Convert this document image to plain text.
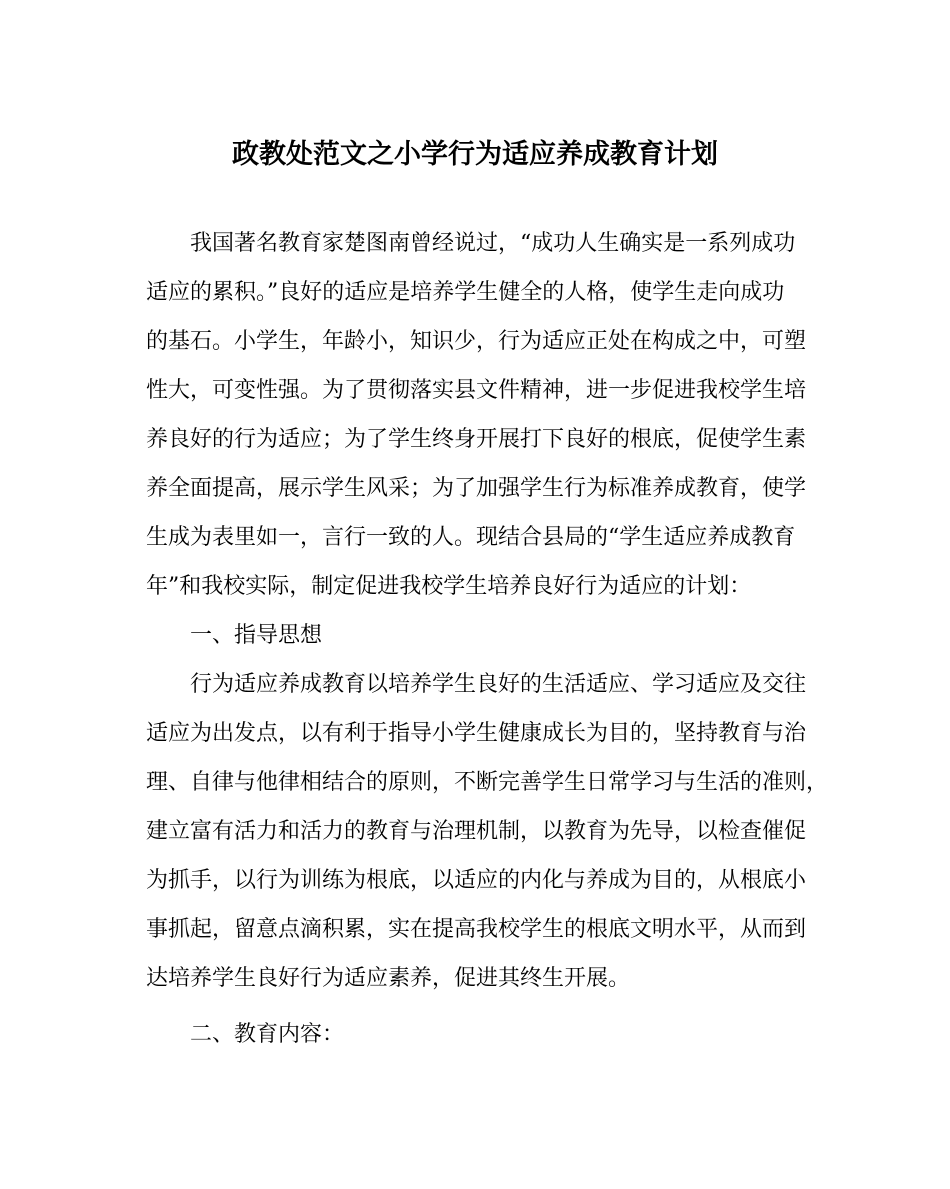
政教处范文之小学行为适应养成教育计划

我国著名教育家楚图南曾经说过，“成功人生确实是一系列成功
适应的累积。”良好的适应是培养学生健全的人格，使学生走向成功
的基石。小学生，年龄小，知识少，行为适应正处在构成之中，可塑
性大，可变性强。为了贯彻落实县文件精神，进一步促进我校学生培
养良好的行为适应；为了学生终身开展打下良好的根底，促使学生素
养全面提高，展示学生风采；为了加强学生行为标准养成教育，使学
生成为表里如一，言行一致的人。现结合县局的“学生适应养成教育
年”和我校实际，制定促进我校学生培养良好行为适应的计划：

一、指导思想

行为适应养成教育以培养学生良好的生活适应、学习适应及交往
适应为出发点，以有利于指导小学生健康成长为目的，坚持教育与治
理、自律与他律相结合的原则，不断完善学生日常学习与生活的准则，
建立富有活力和活力的教育与治理机制，以教育为先导，以检查催促
为抓手，以行为训练为根底，以适应的内化与养成为目的，从根底小
事抓起，留意点滴积累，实在提高我校学生的根底文明水平，从而到
达培养学生良好行为适应素养，促进其终生开展。

二、教育内容：
